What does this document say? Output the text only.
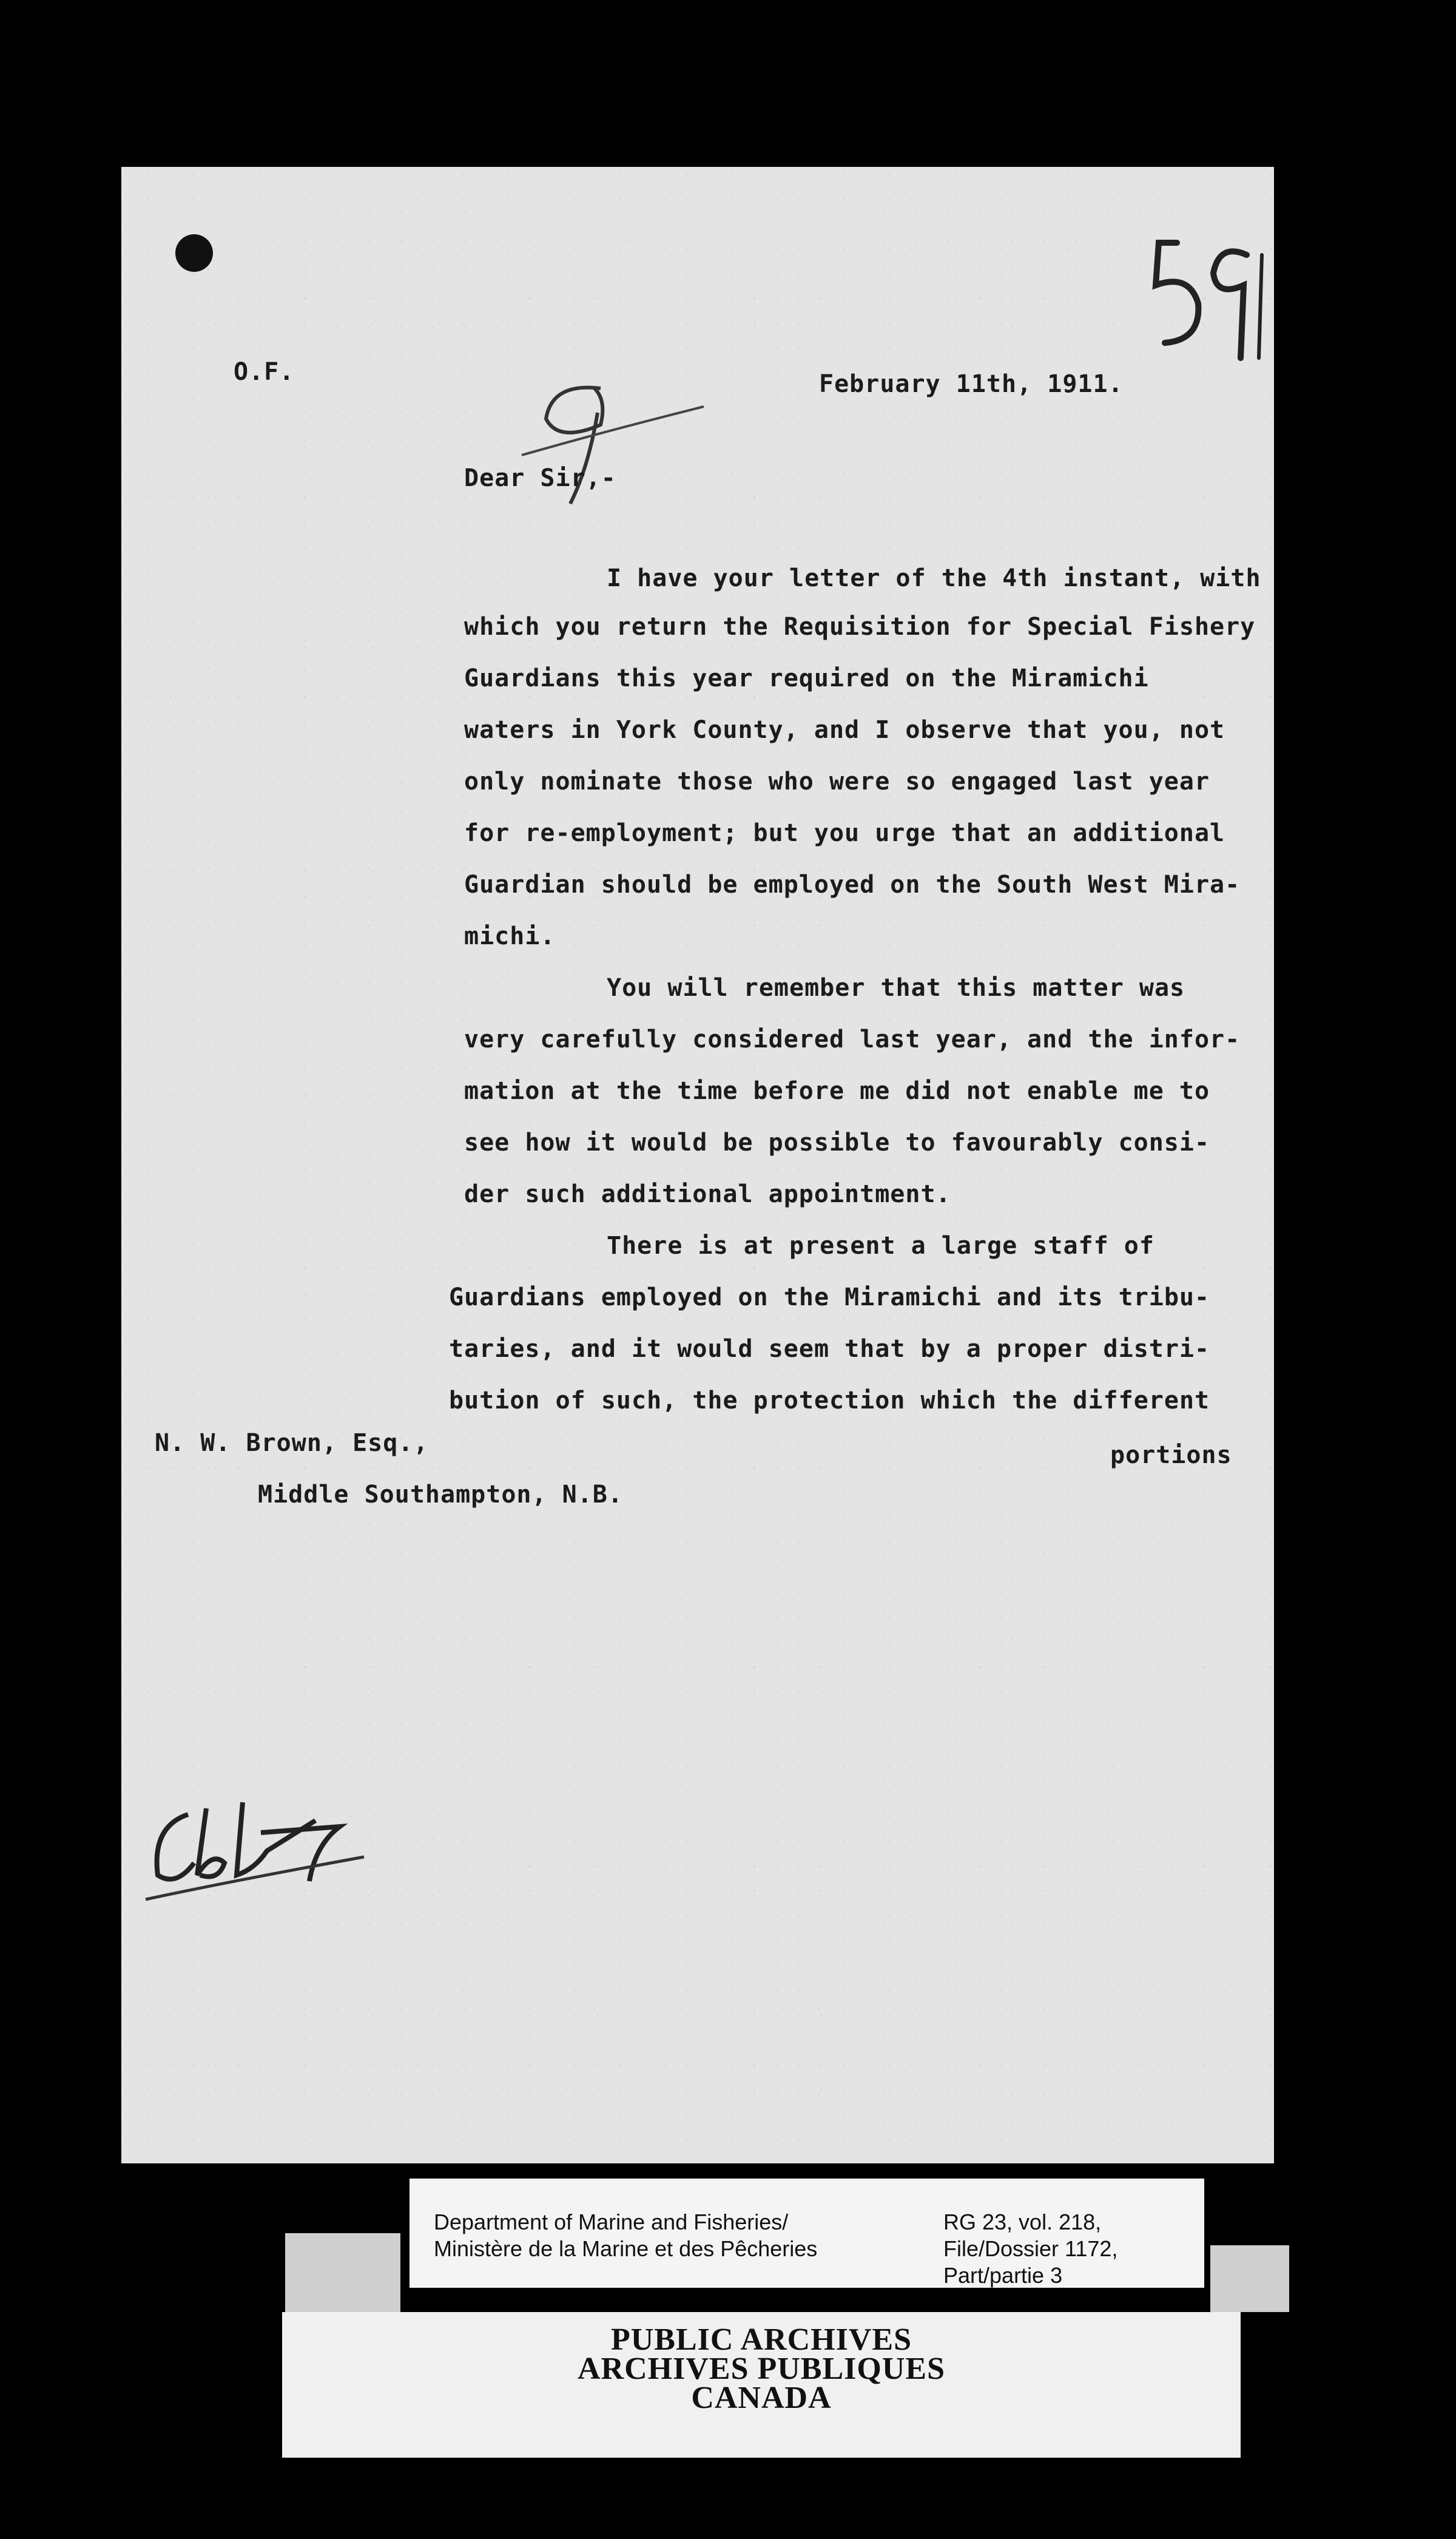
O.F.	February 11th, 1911.
Dear Sir,-
I have your letter of the 4th instant, with
which you return the Requisition for Special Fishery
Guardians this year required on the Miramichi
waters in York County, and I observe that you, not
only nominate those who were so engaged last year
for re-employment; but you urge that an additional
Guardian should be employed on the South West Mira-
michi.
You will remember that this matter was
very carefully considered last year, and the infor-
mation at the time before me did not enable me to
see how it would be possible to favourably consi-
der such additional appointment.
There is at present a large staff of
Guardians employed on the Miramichi and its tribu-
taries, and it would seem that by a proper distri-
bution of such, the protection which the different
portions
N. W. Brown, Esq.,
Middle Southampton, N.B.
Department of Marine and Fisheries/
Ministère de la Marine et des Pêcheries
RG 23, vol. 218,
File/Dossier 1172,
Part/partie 3
PUBLIC ARCHIVES
ARCHIVES PUBLIQUES
CANADA
